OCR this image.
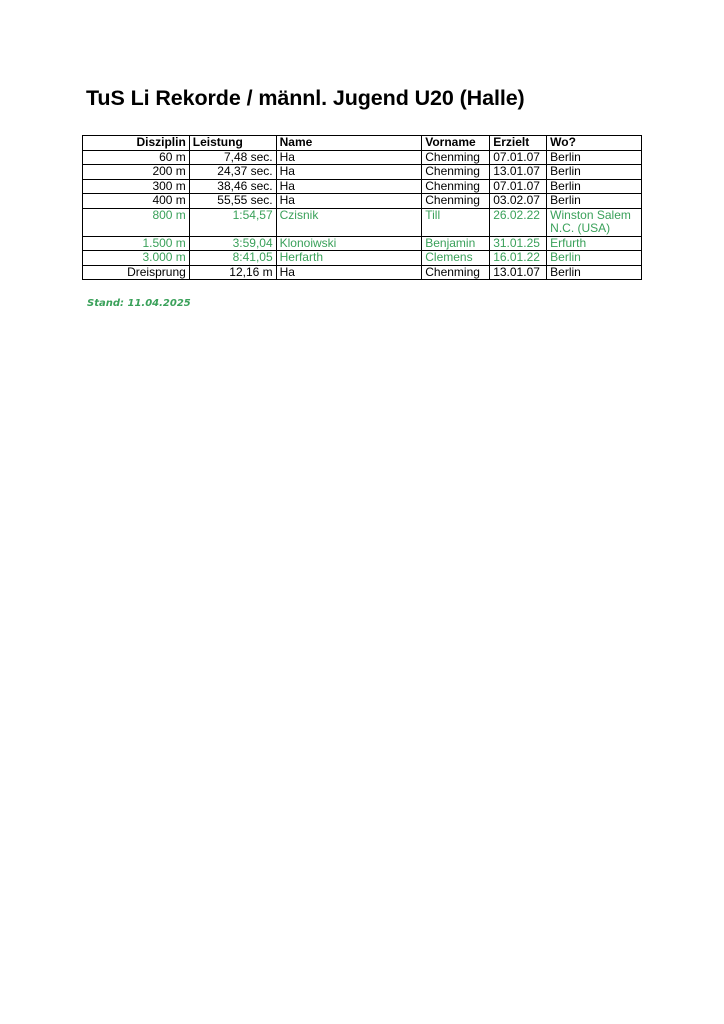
TuS Li Rekorde / männl. Jugend U20 (Halle)
Disziplin	Leistung	Name	Vorname	Erzielt	Wo?
60 m	7,48 sec.	Ha	Chenming	07.01.07	Berlin
200 m	24,37 sec.	Ha	Chenming	13.01.07	Berlin
300 m	38,46 sec.	Ha	Chenming	07.01.07	Berlin
400 m	55,55 sec.	Ha	Chenming	03.02.07	Berlin
800 m	1:54,57	Czisnik	Till	26.02.22	Winston Salem N.C. (USA)
1.500 m	3:59,04	Klonoiwski	Benjamin	31.01.25	Erfurth
3.000 m	8:41,05	Herfarth	Clemens	16.01.22	Berlin
Dreisprung	12,16 m	Ha	Chenming	13.01.07	Berlin
Stand: 11.04.2025
